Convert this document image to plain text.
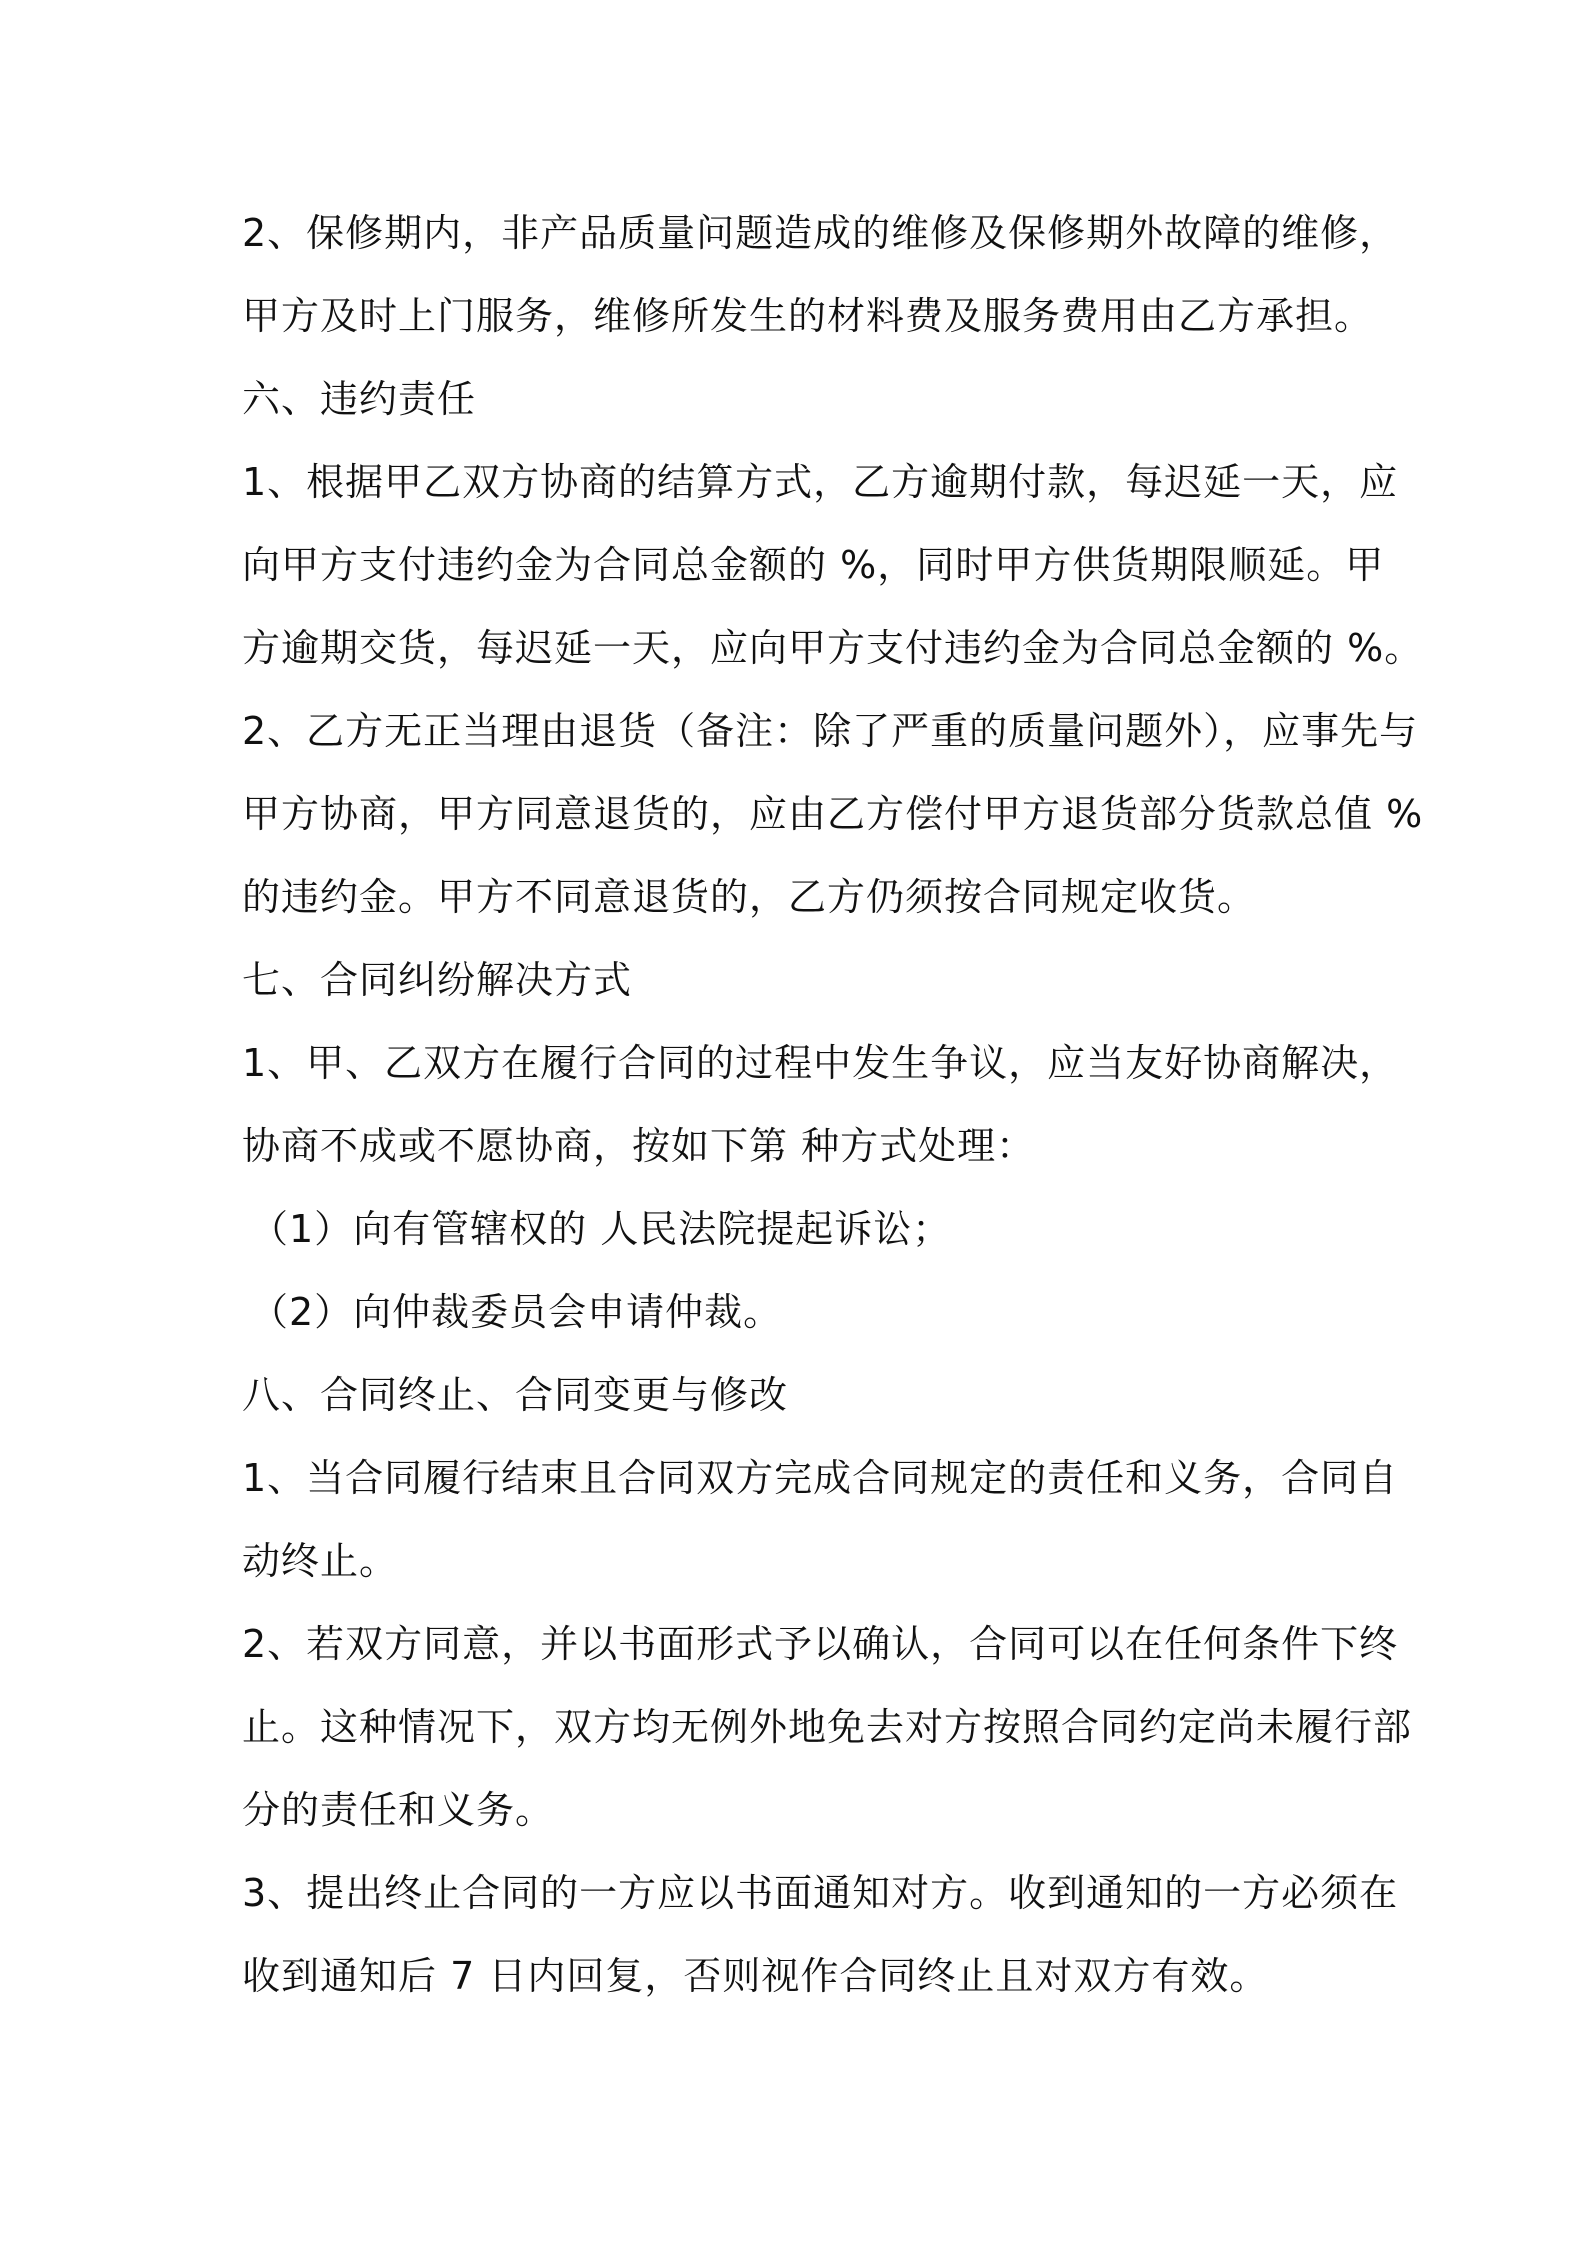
2、保修期内，非产品质量问题造成的维修及保修期外故障的维修，
甲方及时上门服务，维修所发生的材料费及服务费用由乙方承担。
六、违约责任
1、根据甲乙双方协商的结算方式，乙方逾期付款，每迟延一天，应
向甲方支付违约金为合同总金额的 %，同时甲方供货期限顺延。甲
方逾期交货，每迟延一天，应向甲方支付违约金为合同总金额的 %。
2、乙方无正当理由退货（备注：除了严重的质量问题外），应事先与
甲方协商，甲方同意退货的，应由乙方偿付甲方退货部分货款总值 %
的违约金。甲方不同意退货的，乙方仍须按合同规定收货。
七、合同纠纷解决方式
1、甲、乙双方在履行合同的过程中发生争议，应当友好协商解决，
协商不成或不愿协商，按如下第 种方式处理：
（1）向有管辖权的 人民法院提起诉讼；
（2）向仲裁委员会申请仲裁。
八、合同终止、合同变更与修改
1、当合同履行结束且合同双方完成合同规定的责任和义务，合同自
动终止。
2、若双方同意，并以书面形式予以确认，合同可以在任何条件下终
止。这种情况下，双方均无例外地免去对方按照合同约定尚未履行部
分的责任和义务。
3、提出终止合同的一方应以书面通知对方。收到通知的一方必须在
收到通知后 7 日内回复，否则视作合同终止且对双方有效。
